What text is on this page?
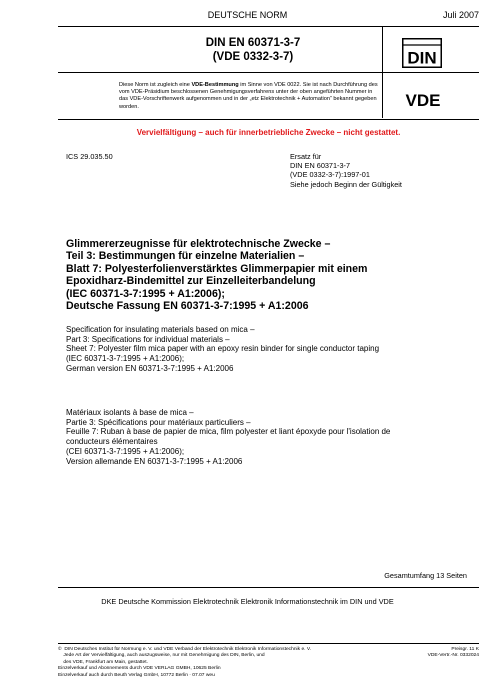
DEUTSCHE NORM	Juli 2007
DIN EN 60371-3-7
(VDE 0332-3-7)	DIN
Diese Norm ist zugleich eine VDE-Bestimmung im Sinne von VDE 0022. Sie ist nach Durchführung des vom VDE-Präsidium beschlossenen Genehmigungsverfahrens unter der oben angeführten Nummer in das VDE-Vorschriftenwerk aufgenommen und in der „etz Elektrotechnik + Automation“ bekannt gegeben worden.	VDE
Vervielfältigung – auch für innerbetriebliche Zwecke – nicht gestattet.
ICS 29.035.50	Ersatz für
DIN EN 60371-3-7
(VDE 0332-3-7):1997-01
Siehe jedoch Beginn der Gültigkeit
Glimmererzeugnisse für elektrotechnische Zwecke –
Teil 3: Bestimmungen für einzelne Materialien –
Blatt 7: Polyesterfolienverstärktes Glimmerpapier mit einem
Epoxidharz-Bindemittel zur Einzelleiterbandelung
(IEC 60371-3-7:1995 + A1:2006);
Deutsche Fassung EN 60371-3-7:1995 + A1:2006
Specification for insulating materials based on mica –
Part 3: Specifications for individual materials –
Sheet 7: Polyester film mica paper with an epoxy resin binder for single conductor taping
(IEC 60371-3-7:1995 + A1:2006);
German version EN 60371-3-7:1995 + A1:2006
Matériaux isolants à base de mica –
Partie 3: Spécifications pour matériaux particuliers –
Feuille 7: Ruban à base de papier de mica, film polyester et liant époxyde pour l'isolation de
conducteurs élémentaires
(CEI 60371-3-7:1995 + A1:2006);
Version allemande EN 60371-3-7:1995 + A1:2006
Gesamtumfang 13 Seiten
DKE Deutsche Kommission Elektrotechnik Elektronik Informationstechnik im DIN und VDE
©  DIN Deutsches Institut für Normung e. V. und VDE Verband der Elektrotechnik Elektronik Informationstechnik e. V.
Jede Art der Vervielfältigung, auch auszugsweise, nur mit Genehmigung des DIN, Berlin, und
des VDE, Frankfurt am Main, gestattet.
Einzelverkauf und Abonnements durch VDE VERLAG GMBH, 10625 Berlin
Einzelverkauf auch durch Beuth Verlag GmbH, 10772 Berlin · 07.07 weu
Preisgr. 11 K
VDE-Vertr.-Nr. 0332024
